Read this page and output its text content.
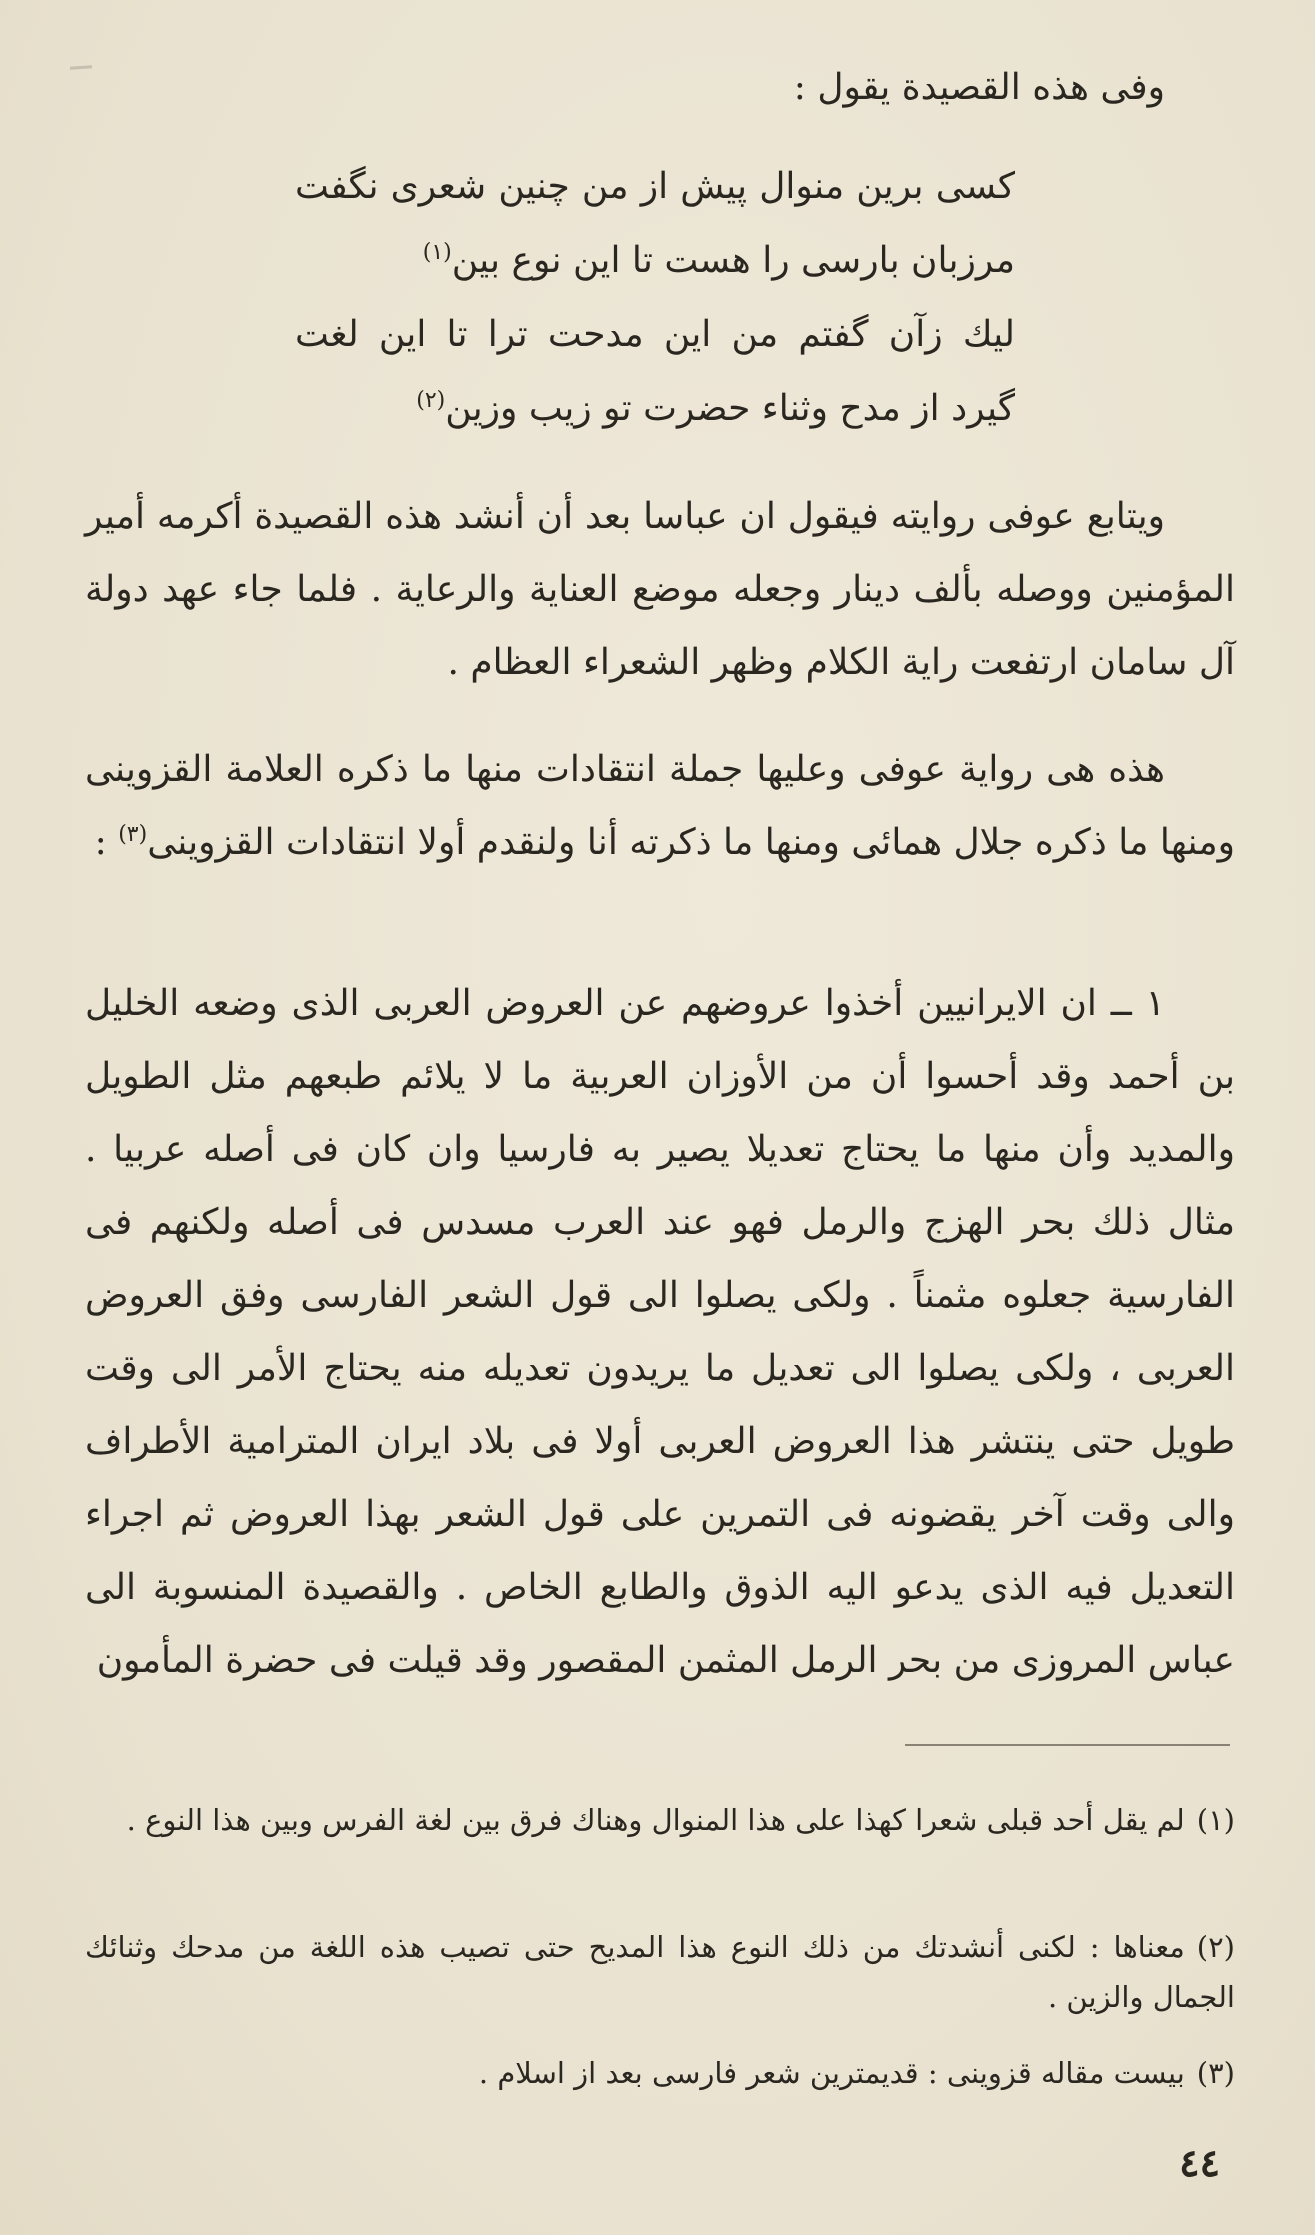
وفى هذه القصيدة يقول :
كسى برين منوال پيش از من چنين شعرى نگفت
مرزبان بارسى را هست تا اين نوع بين$^{(١)}$
ليك زآن گفتم من اين مدحت ترا تا اين لغت
گيرد از مدح وثناء حضرت تو زيب وزين$^{(٢)}$

ويتابع عوفى روايته فيقول ان عباسا بعد أن أنشد هذه القصيدة أكرمه أمير المؤمنين ووصله بألف دينار وجعله موضع العناية والرعاية . فلما جاء عهد دولة آل سامان ارتفعت راية الكلام وظهر الشعراء العظام .

هذه هى رواية عوفى وعليها جملة انتقادات منها ما ذكره العلامة القزوينى ومنها ما ذكره جلال همائى ومنها ما ذكرته أنا ولنقدم أولا انتقادات القزوينى$^{(٣)}$ :

١ ــ ان الايرانيين أخذوا عروضهم عن العروض العربى الذى وضعه الخليل بن أحمد وقد أحسوا أن من الأوزان العربية ما لا يلائم طبعهم مثل الطويل والمديد وأن منها ما يحتاج تعديلا يصير به فارسيا وان كان فى أصله عربيا . مثال ذلك بحر الهزج والرمل فهو عند العرب مسدس فى أصله ولكنهم فى الفارسية جعلوه مثمناً . ولكى يصلوا الى قول الشعر الفارسى وفق العروض العربى ، ولكى يصلوا الى تعديل ما يريدون تعديله منه يحتاج الأمر الى وقت طويل حتى ينتشر هذا العروض العربى أولا فى بلاد ايران المترامية الأطراف والى وقت آخر يقضونه فى التمرين على قول الشعر بهذا العروض ثم اجراء التعديل فيه الذى يدعو اليه الذوق والطابع الخاص . والقصيدة المنسوبة الى عباس المروزى من بحر الرمل المثمن المقصور وقد قيلت فى حضرة المأمون

(١)لم يقل أحد قبلى شعرا كهذا على هذا المنوال وهناك فرق بين لغة الفرس وبين هذا النوع .

(٢)معناها : لكنى أنشدتك من ذلك النوع هذا المديح حتى تصيب هذه اللغة من مدحك وثنائك الجمال والزين .

(٣)بيست مقاله قزوينى : قديمترين شعر فارسى بعد از اسلام .

٤٤
